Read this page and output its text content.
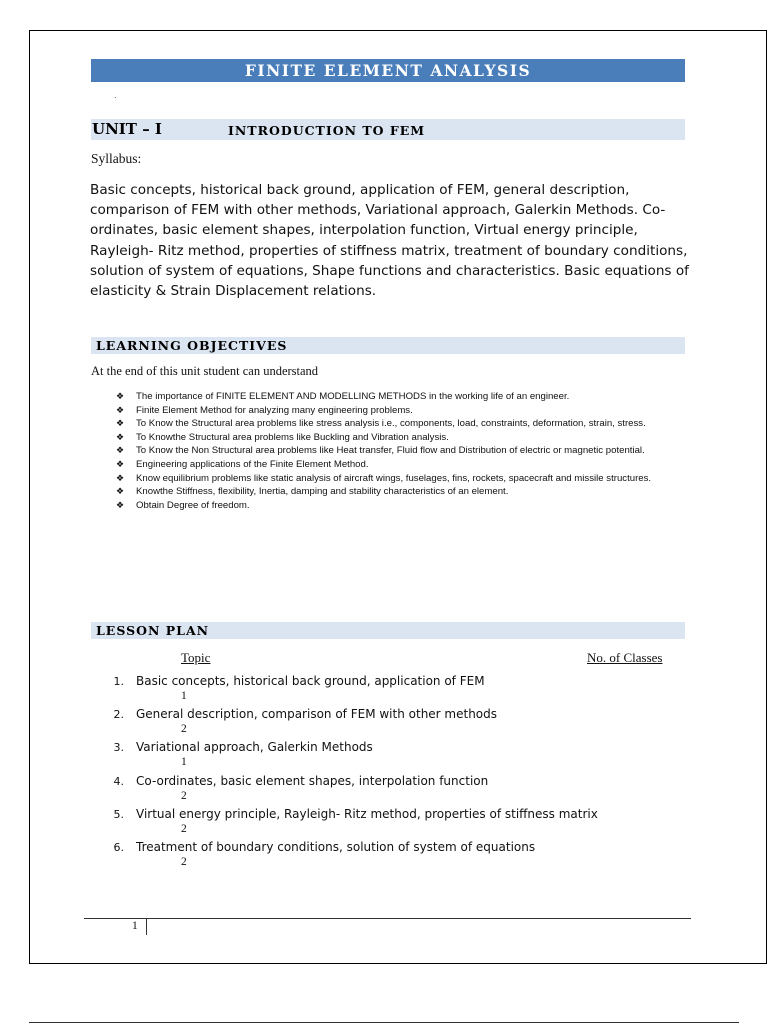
FINITE ELEMENT ANALYSIS
.
UNIT – I	INTRODUCTION TO FEM
Syllabus:
Basic concepts, historical back ground, application of FEM, general description, comparison of FEM with other methods, Variational approach, Galerkin Methods. Co-ordinates, basic element shapes, interpolation function, Virtual energy principle, Rayleigh- Ritz method, properties of stiffness matrix, treatment of boundary conditions, solution of system of equations, Shape functions and characteristics. Basic equations of elasticity & Strain Displacement relations.
LEARNING OBJECTIVES
At the end of this unit student can understand
❖ The importance of FINITE ELEMENT AND MODELLING METHODS in the working life of an engineer.
❖ Finite Element Method for analyzing many engineering problems.
❖ To Know the Structural area problems like stress analysis i.e., components, load, constraints, deformation, strain, stress.
❖ To Knowthe Structural area problems like Buckling and Vibration analysis.
❖ To Know the Non Structural area problems like Heat transfer, Fluid flow and Distribution of electric or magnetic potential.
❖ Engineering applications of the Finite Element Method.
❖ Know equilibrium problems like static analysis of aircraft wings, fuselages, fins, rockets, spacecraft and missile structures.
❖ Knowthe Stiffness, flexibility, Inertia, damping and stability characteristics of an element.
❖ Obtain Degree of freedom.
LESSON PLAN
Topic	No. of Classes
1. Basic concepts, historical back ground, application of FEM
1
2. General description, comparison of FEM with other methods
2
3. Variational approach, Galerkin Methods
1
4. Co-ordinates, basic element shapes, interpolation function
2
5. Virtual energy principle, Rayleigh- Ritz method, properties of stiffness matrix
2
6. Treatment of boundary conditions, solution of system of equations
2
1
